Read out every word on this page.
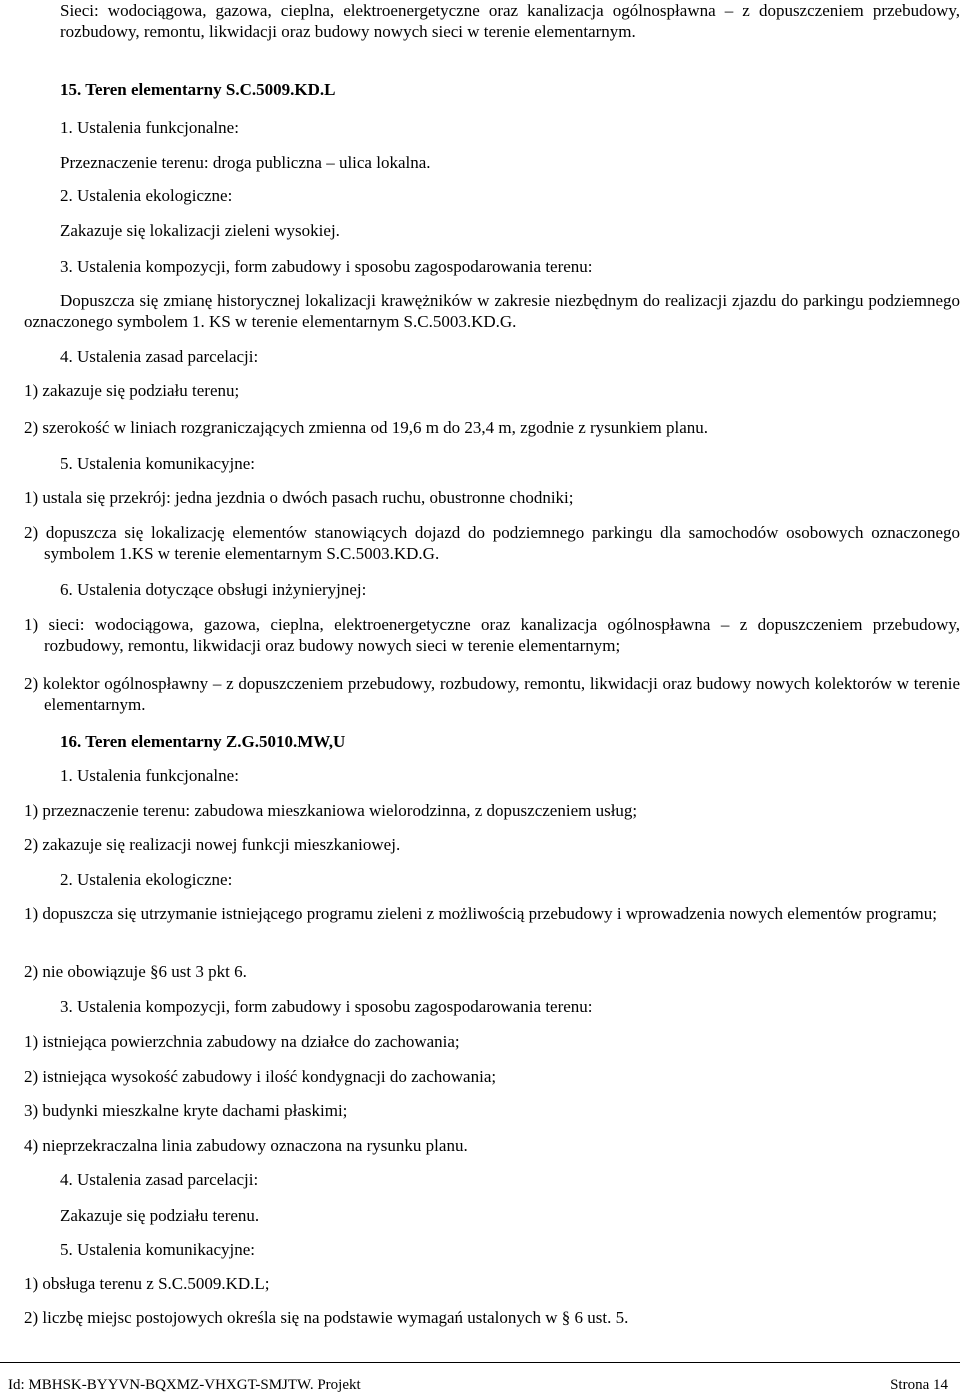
Sieci: wodociągowa, gazowa, cieplna, elektroenergetyczne oraz kanalizacja ogólnospławna – z dopuszczeniem przebudowy, rozbudowy, remontu, likwidacji oraz budowy nowych sieci w terenie elementarnym.
15. Teren elementarny S.C.5009.KD.L
1. Ustalenia funkcjonalne:
Przeznaczenie terenu: droga publiczna – ulica lokalna.
2. Ustalenia ekologiczne:
Zakazuje się lokalizacji zieleni wysokiej.
3. Ustalenia kompozycji, form zabudowy i sposobu zagospodarowania terenu:
Dopuszcza się zmianę historycznej lokalizacji krawężników w zakresie niezbędnym do realizacji zjazdu do parkingu podziemnego oznaczonego symbolem 1. KS w terenie elementarnym S.C.5003.KD.G.
4. Ustalenia zasad parcelacji:
1) zakazuje się podziału terenu;
2) szerokość w liniach rozgraniczających zmienna od 19,6 m do 23,4 m, zgodnie z rysunkiem planu.
5. Ustalenia komunikacyjne:
1) ustala się przekrój: jedna jezdnia o dwóch pasach ruchu, obustronne chodniki;
2) dopuszcza się lokalizację elementów stanowiących dojazd do podziemnego parkingu dla samochodów osobowych oznaczonego symbolem 1.KS w terenie elementarnym S.C.5003.KD.G.
6. Ustalenia dotyczące obsługi inżynieryjnej:
1) sieci: wodociągowa, gazowa, cieplna, elektroenergetyczne oraz kanalizacja ogólnospławna – z dopuszczeniem przebudowy, rozbudowy, remontu, likwidacji oraz budowy nowych sieci w terenie elementarnym;
2) kolektor ogólnospławny – z dopuszczeniem przebudowy, rozbudowy, remontu, likwidacji oraz budowy nowych kolektorów w terenie elementarnym.
16. Teren elementarny Z.G.5010.MW,U
1. Ustalenia funkcjonalne:
1) przeznaczenie terenu: zabudowa mieszkaniowa wielorodzinna, z dopuszczeniem usług;
2) zakazuje się realizacji nowej funkcji mieszkaniowej.
2. Ustalenia ekologiczne:
1) dopuszcza się utrzymanie istniejącego programu zieleni z możliwością przebudowy i wprowadzenia nowych elementów programu;
2) nie obowiązuje §6 ust 3 pkt 6.
3. Ustalenia kompozycji, form zabudowy i sposobu zagospodarowania terenu:
1) istniejąca powierzchnia zabudowy na działce do zachowania;
2) istniejąca wysokość zabudowy i ilość kondygnacji do zachowania;
3) budynki mieszkalne kryte dachami płaskimi;
4) nieprzekraczalna linia zabudowy oznaczona na rysunku planu.
4. Ustalenia zasad parcelacji:
Zakazuje się podziału terenu.
5. Ustalenia komunikacyjne:
1) obsługa terenu z S.C.5009.KD.L;
2) liczbę miejsc postojowych określa się na podstawie wymagań ustalonych w § 6 ust. 5.
Id: MBHSK-BYYVN-BQXMZ-VHXGT-SMJTW. Projekt	Strona 14
